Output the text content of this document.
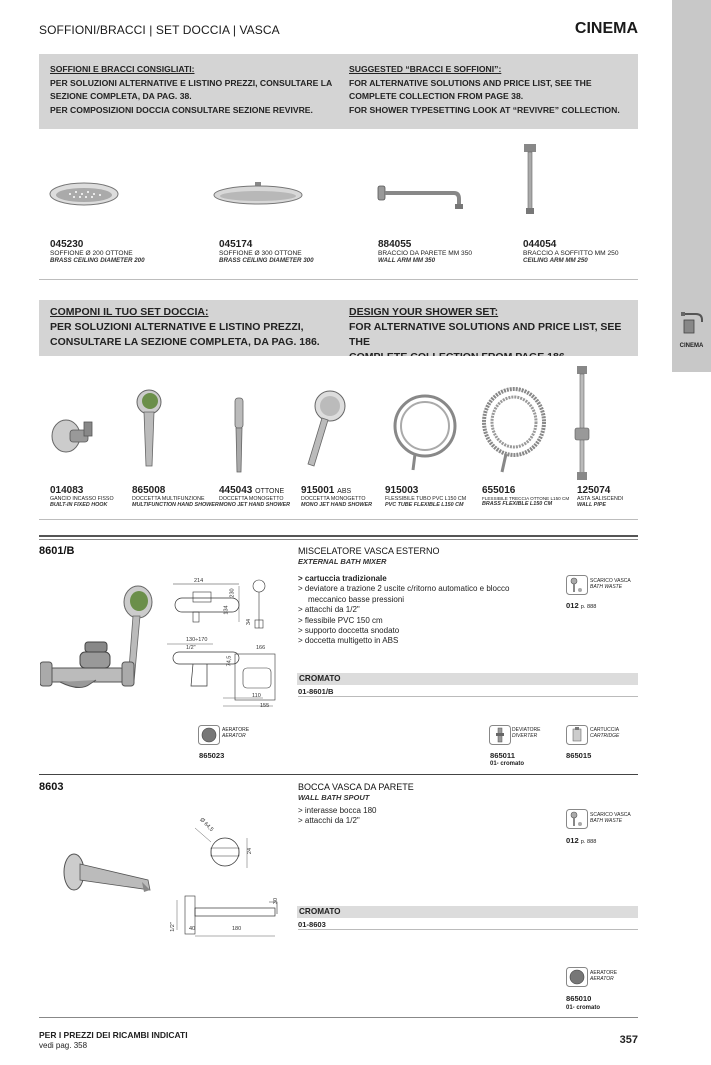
CINEMA
SOFFIONI/BRACCI | SET DOCCIA | VASCA	CINEMA
SOFFIONI E BRACCI CONSIGLIATI:
PER SOLUZIONI ALTERNATIVE E LISTINO PREZZI, CONSULTARE LA
SEZIONE COMPLETA, DA PAG. 38.
PER COMPOSIZIONI DOCCIA CONSULTARE SEZIONE REVIVRE.
SUGGESTED “BRACCI E SOFFIONI”:
FOR ALTERNATIVE SOLUTIONS AND PRICE LIST, SEE THE
COMPLETE COLLECTION FROM PAGE 38.
FOR SHOWER TYPESETTING LOOK AT “REVIVRE” COLLECTION.
045230
SOFFIONE Ø 200 OTTONE
BRASS CEILING DIAMETER 200
045174
SOFFIONE Ø 300 OTTONE
BRASS CEILING DIAMETER 300
884055
BRACCIO DA PARETE MM 350
WALL ARM MM 350
044054
BRACCIO A SOFFITTO MM 250
CEILING ARM MM 250
COMPONI IL TUO SET DOCCIA:
PER SOLUZIONI ALTERNATIVE E LISTINO PREZZI,
CONSULTARE LA SEZIONE COMPLETA, DA PAG. 186.
DESIGN YOUR SHOWER SET:
FOR ALTERNATIVE SOLUTIONS AND PRICE LIST, SEE THE
014083
GANCIO INCASSO FISSO
BUILT-IN FIXED HOOK
865008
DOCCETTA MULTIFUNZIONE
MULTIFUNCTION HAND SHOWER
445043 OTTONE
DOCCETTA MONOGETTO
MONO JET HAND SHOWER
915001 ABS
DOCCETTA MONOGETTO
MONO JET HAND SHOWER
915003
FLESSIBILE TUBO PVC L150 CM
PVC TUBE FLEXIBLE L150 CM
655016
FLESSIBILE TRECCIA OTTONE L150 CM
BRASS FLEXIBLE L150 CM
125074
ASTA SALISCENDI
WALL PIPE
8601/B	MISCELATORE VASCA ESTERNO
EXTERNAL BATH MIXER
> cartuccia tradizionale
> deviatore a trazione 2 uscite c/ritorno automatico e blocco
meccanico basse pressioni
> attacchi da 1/2"
> flessibile PVC 150 cm
> supporto doccetta snodato
> doccetta multigetto in ABS
SCARICO VASCA
BATH WASTE
012 p. 888
214
230
134
34
130÷170
1/2"	166
74,5
110
155
CROMATO
01-8601/B
AERATORE
AERATOR
865023
DEVIATORE
DIVERTER
865011
01- cromato
CARTUCCIA
CARTRIDGE
865015
8603	BOCCA VASCA DA PARETE
WALL BATH SPOUT
> interasse bocca 180
> attacchi da 1/2"
SCARICO VASCA
BATH WASTE
012 p. 888
Ø 64,5
24
1/2" 40	180
30
CROMATO
01-8603
AERATORE
AERATOR
865010
01- cromato
PER I PREZZI DEI RICAMBI INDICATI
vedi pag. 358	357
